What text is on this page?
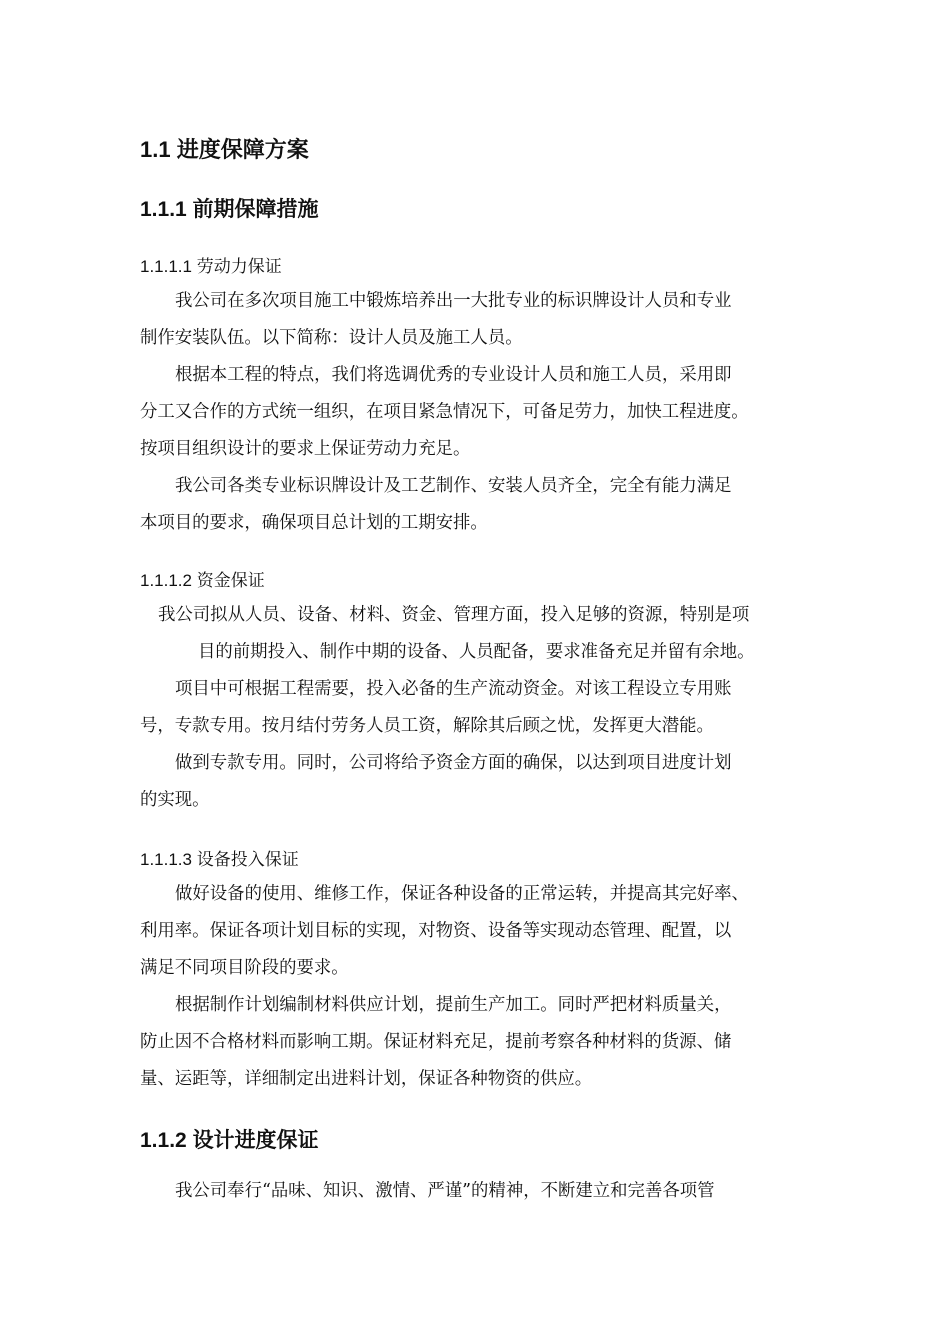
1.1 进度保障方案
1.1.1 前期保障措施
1.1.1.1 劳动力保证
我公司在多次项目施工中锻炼培养出一大批专业的标识牌设计人员和专业
制作安装队伍。以下简称：设计人员及施工人员。
根据本工程的特点，我们将选调优秀的专业设计人员和施工人员，采用即
分工又合作的方式统一组织，在项目紧急情况下，可备足劳力，加快工程进度。
按项目组织设计的要求上保证劳动力充足。
我公司各类专业标识牌设计及工艺制作、安装人员齐全，完全有能力满足
本项目的要求，确保项目总计划的工期安排。
1.1.1.2 资金保证
我公司拟从人员、设备、材料、资金、管理方面，投入足够的资源，特别是项
目的前期投入、制作中期的设备、人员配备，要求准备充足并留有余地。
项目中可根据工程需要，投入必备的生产流动资金。对该工程设立专用账
号，专款专用。按月结付劳务人员工资，解除其后顾之忧，发挥更大潜能。
做到专款专用。同时，公司将给予资金方面的确保，以达到项目进度计划
的实现。
1.1.1.3 设备投入保证
做好设备的使用、维修工作，保证各种设备的正常运转，并提高其完好率、
利用率。保证各项计划目标的实现，对物资、设备等实现动态管理、配置，以
满足不同项目阶段的要求。
根据制作计划编制材料供应计划，提前生产加工。同时严把材料质量关，
防止因不合格材料而影响工期。保证材料充足，提前考察各种材料的货源、储
量、运距等，详细制定出进料计划，保证各种物资的供应。
1.1.2 设计进度保证
我公司奉行“品味、知识、激情、严谨”的精神，不断建立和完善各项管
